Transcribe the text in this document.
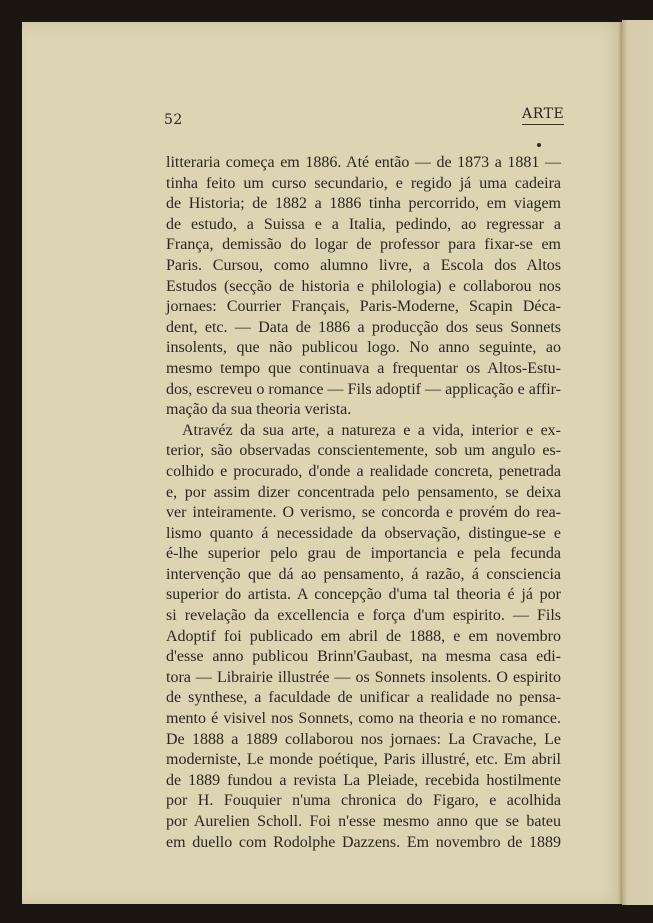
52	ARTE
litteraria começa em 1886. Até então — de 1873 a 1881 —
tinha feito um curso secundario, e regido já uma cadeira
de Historia; de 1882 a 1886 tinha percorrido, em viagem
de estudo, a Suissa e a Italia, pedindo, ao regressar a
França, demissão do logar de professor para fixar-se em
Paris. Cursou, como alumno livre, a Escola dos Altos
Estudos (secção de historia e philologia) e collaborou nos
jornaes: Courrier Français, Paris-Moderne, Scapin Déca-
dent, etc. — Data de 1886 a producção dos seus Sonnets
insolents, que não publicou logo. No anno seguinte, ao
mesmo tempo que continuava a frequentar os Altos-Estu-
dos, escreveu o romance — Fils adoptif — applicação e affir-
mação da sua theoria verista.
Atravéz da sua arte, a natureza e a vida, interior e ex-
terior, são observadas conscientemente, sob um angulo es-
colhido e procurado, d'onde a realidade concreta, penetrada
e, por assim dizer concentrada pelo pensamento, se deixa
ver inteiramente. O verismo, se concorda e provém do rea-
lismo quanto á necessidade da observação, distingue-se e
é-lhe superior pelo grau de importancia e pela fecunda
intervenção que dá ao pensamento, á razão, á consciencia
superior do artista. A concepção d'uma tal theoria é já por
si revelação da excellencia e força d'um espirito. — Fils
Adoptif foi publicado em abril de 1888, e em novembro
d'esse anno publicou Brinn'Gaubast, na mesma casa edi-
tora — Librairie illustrée — os Sonnets insolents. O espirito
de synthese, a faculdade de unificar a realidade no pensa-
mento é visivel nos Sonnets, como na theoria e no romance.
De 1888 a 1889 collaborou nos jornaes: La Cravache, Le
moderniste, Le monde poétique, Paris illustré, etc. Em abril
de 1889 fundou a revista La Pleiade, recebida hostilmente
por H. Fouquier n'uma chronica do Figaro, e acolhida
por Aurelien Scholl. Foi n'esse mesmo anno que se bateu
em duello com Rodolphe Dazzens. Em novembro de 1889
